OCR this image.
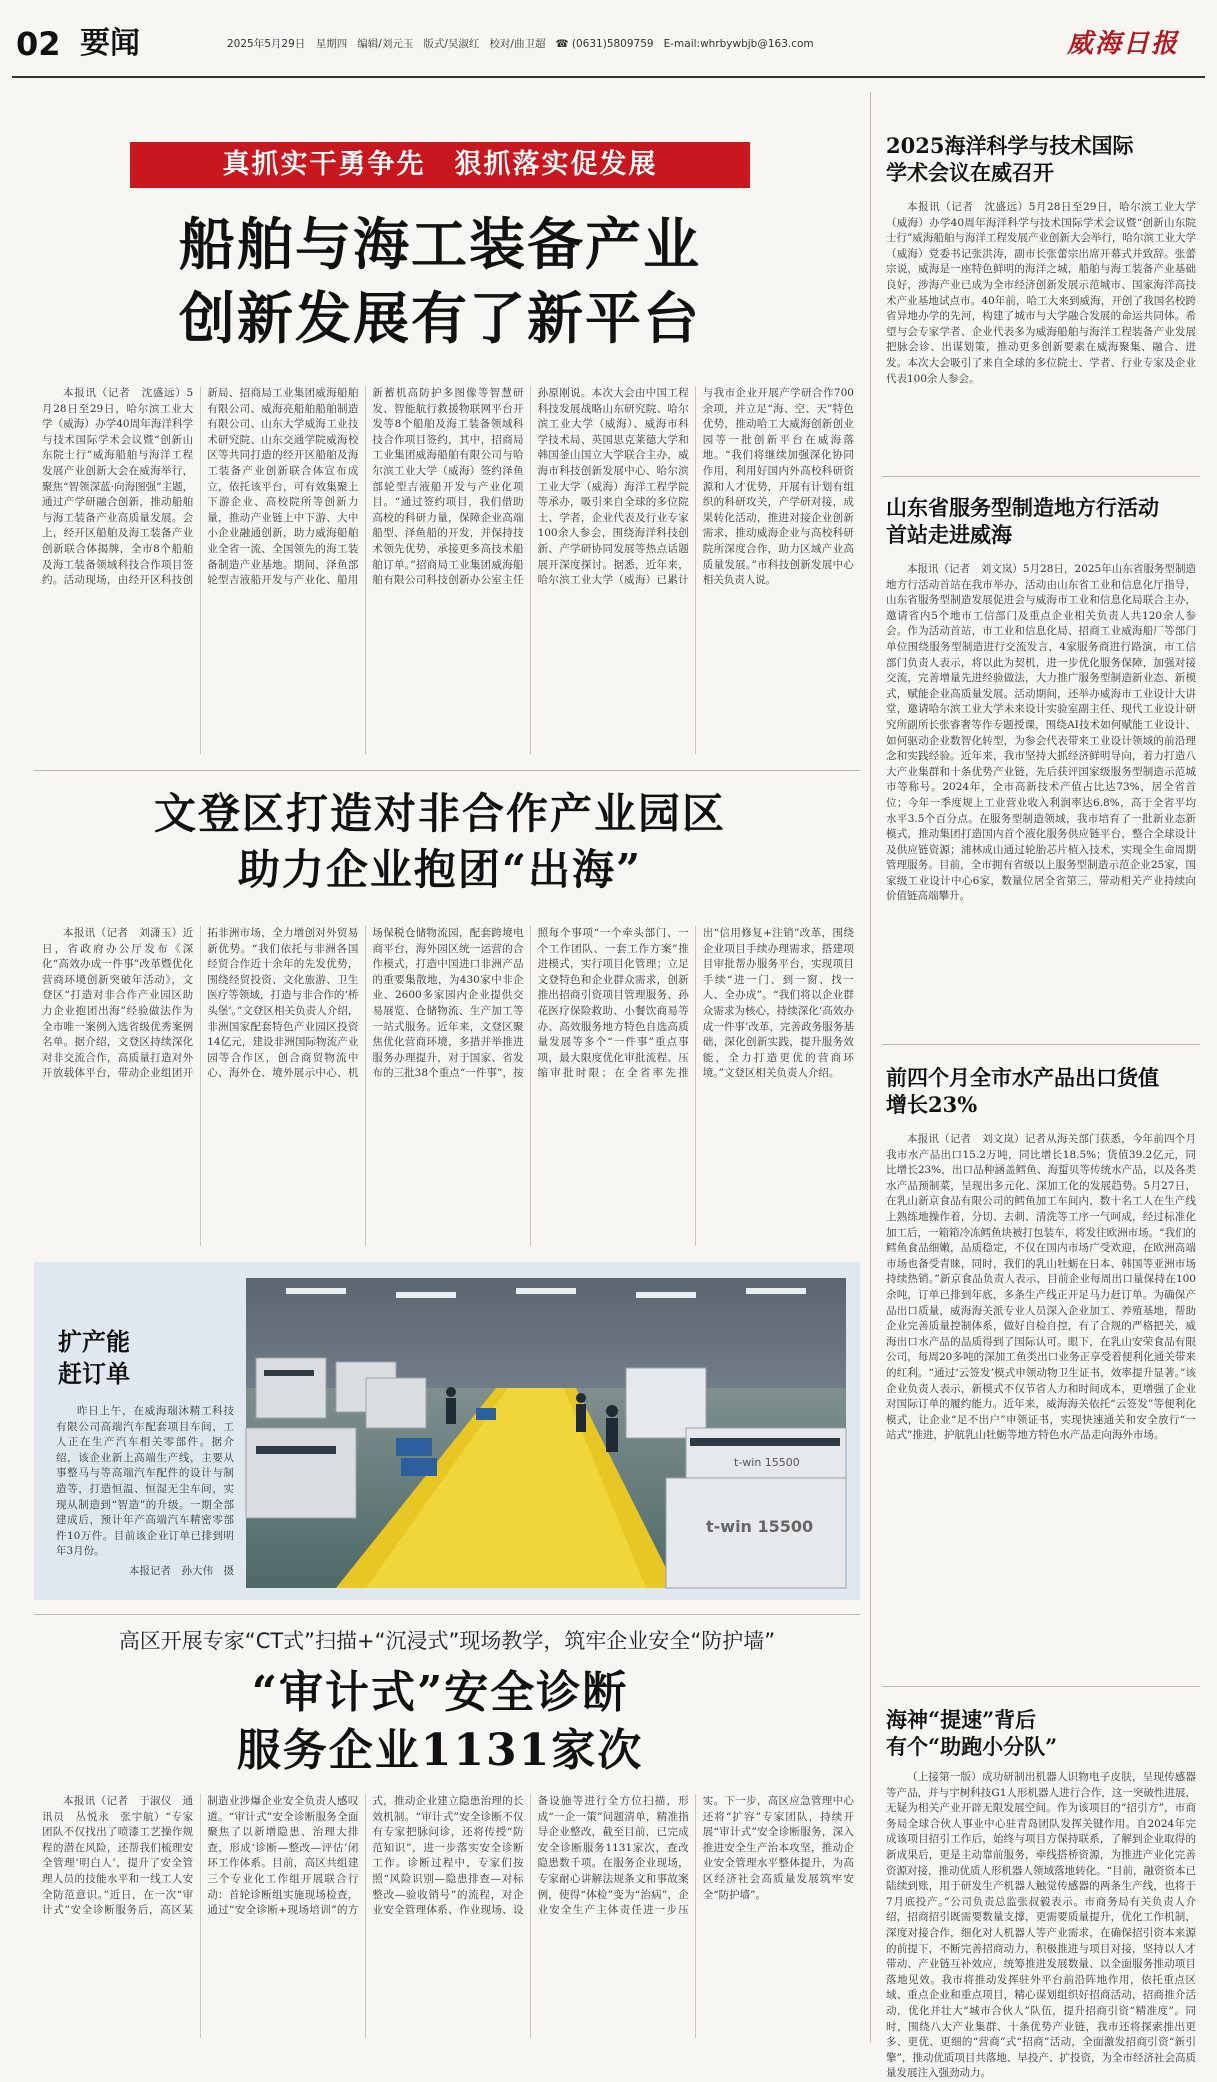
02 要闻	2025年5月29日　星期四 编辑/刘元玉 版式/吴淑红 校对/曲卫超 ☎ (0631)5809759 E-mail:whrbywbjb@163.com	威海日报
真抓实干勇争先　狠抓落实促发展
船舶与海工装备产业
创新发展有了新平台
本报讯（记者　沈盛远）5月28日至29日，哈尔滨工业大学（威海）办学40周年海洋科学与技术国际学术会议暨“创新山东院士行”威海船舶与海洋工程发展产业创新大会在威海举行，聚焦“智领深蓝·向海图强”主题，通过产学研融合创新，推动船舶与海工装备产业高质量发展。会上，经开区船舶及海工装备产业创新联合体揭牌，全市8个船舶及海工装备领域科技合作项目签约。活动现场，由经开区科技创新局、招商局工业集团威海船舶有限公司、威海亮船舶船舶制造有限公司、山东大学威海工业技术研究院、山东交通学院威海校区等共同打造的经开区船舶及海工装备产业创新联合体宣布成立，依托该平台，可有效集聚上下游企业、高校院所等创新力量，推动产业链上中下游、大中小企业融通创新，助力威海船舶业全省一流、全国领先的海工装备制造产业基地。期间，泽鱼部轮型吉液船开发与产业化、船用新蓄机高防护多图像等智慧研发、智能航行救援物联网平台开发等8个船舶及海工装备领域科技合作项目签约，其中，招商局工业集团威海船舶有限公司与哈尔滨工业大学（威海）签约泽鱼部轮型吉液船开发与产业化项目。“通过签约项目，我们借助高校的科研力量，保障企业高端船型、泽鱼船的开发，并保持技术领先优势，承接更多高技术船舶订单。”招商局工业集团威海船舶有限公司科技创新办公室主任孙原刚说。本次大会由中国工程科技发展战略山东研究院、哈尔滨工业大学（威海）、威海市科学技术局、英国思克莱德大学和韩国釜山国立大学联合主办，威海市科技创新发展中心、哈尔滨工业大学（威海）海洋工程学院等承办，吸引来自全球的多位院士、学者，企业代表及行业专家100余人参会，围绕海洋科技创新、产学研协同发展等热点话题展开深度探讨。据悉，近年来，哈尔滨工业大学（威海）已累计与我市企业开展产学研合作700余项，并立足“海、空、天”特色优势，推动哈工大威海创新创业园等一批创新平台在威海落地。“我们将继续加强深化协同作用，利用好国内外高校科研资源和人才优势，开展有计划有组织的科研攻关，产学研对接，成果转化活动，推进对接企业创新需求，推动威海企业与高校科研院所深度合作，助力区域产业高质量发展。”市科技创新发展中心相关负责人说。
文登区打造对非合作产业园区
助力企业抱团“出海”
本报讯（记者　刘潇玉）近日，省政府办公厅发布《深化“高效办成一件事”改革暨优化营商环境创新突破年活动》，文登区“打造对非合作产业园区助力企业抱团出海”经验做法作为全市唯一案例入选省级优秀案例名单。据介绍，文登区持续深化对非交流合作，高质量打造对外开放载体平台，带动企业组团开拓非洲市场，全力增创对外贸易新优势。“我们依托与非洲各国经贸合作近十余年的先发优势，围绕经贸投资、文化旅游、卫生医疗等领域，打造与非合作的‘桥头堡’。”文登区相关负责人介绍，非洲国家配套特色产业园区投资14亿元，建设非洲国际物流产业园等合作区，创合商贸物流中心、海外仓、境外展示中心、机场保税仓储物流园，配套跨境电商平台，海外园区统一运营的合作模式，打造中国进口非洲产品的重要集散地，为430家中非企业、2600多家园内企业提供交易展览、仓储物流、生产加工等一站式服务。近年来，文登区聚焦优化营商环境，多措并举推进服务办理提升，对于国家、省发布的三批38个重点“一件事”，按照每个事项“一个牵头部门、一个工作团队、一套工作方案”推进模式，实行项目化管理；立足文登特色和企业群众需求，创新推出招商引资项目管理服务、孙花医疗保险救助、小餐饮商易等办、高效服务地方特色自选高质量发展等多个“一件事”重点事项，最大限度优化审批流程、压缩审批时限；在全省率先推出“信用修复+注销”改革，围绕企业项目手续办理需求，搭建项目审批帮办服务平台，实现项目手续“进一门、到一窗、找一人、全办成”。“我们将以企业群众需求为核心，持续深化‘高效办成一件事’改革，完善政务服务基础，深化创新实践，提升服务效能，全力打造更优的营商环境。”文登区相关负责人介绍。
扩产能
赶订单
昨日上午，在威海瑞沐精工科技有限公司高端汽车配套项目车间，工人正在生产汽车相关零部件。据介绍，该企业新上高端生产线，主要从事整马与等高端汽车配件的设计与制造等，打造恒温、恒湿无尘车间，实现从制造到“智造”的升级。一期全部建成后，预计年产高端汽车精密零部件10万件。目前该企业订单已排到明年3月份。
本报记者　孙大伟　摄
t-win 15500
t-win 15500
高区开展专家“CT式”扫描+“沉浸式”现场教学，筑牢企业安全“防护墙”
“审计式”安全诊断
服务企业1131家次
本报讯（记者　于淑仪　通讯员　丛悦永　张宇航）“专家团队不仅找出了喷漆工艺操作规程的潜在风险，还帮我们梳理安全管理‘明白人’，提升了安全管理人员的技能水平和一线工人安全防范意识。”近日，在一次“审计式”安全诊断服务后，高区某制造业涉爆企业安全负责人感叹道。“审计式”安全诊断服务全面聚焦了以新增隐患、治理大排查，形成‘诊断—整改—评估’闭环工作体系。目前，高区共组建三个专业化工作组开展联合行动：首轮诊断组实施现场检查，通过“安全诊断+现场培训”的方式，推动企业建立隐患治理的长效机制。“审计式”安全诊断不仅有专家把脉问诊，还将传授“防范知识”，进一步落实安全诊断工作。诊断过程中，专家们按照“风险识别—隐患排查—对标整改—验收销号”的流程，对企业安全管理体系、作业现场、设备设施等进行全方位扫描，形成“一企一策”问题清单，精准指导企业整改，截至目前，已完成安全诊断服务1131家次，查改隐患数千项。在服务企业现场，专家耐心讲解法规条文和事故案例，使得“体检”变为“治病”，企业安全生产主体责任进一步压实。下一步，高区应急管理中心还将“扩容”专家团队，持续开展“审计式”安全诊断服务，深入推进安全生产治本攻坚，推动企业安全管理水平整体提升，为高区经济社会高质量发展筑牢安全“防护墙”。
2025海洋科学与技术国际
学术会议在威召开
本报讯（记者　沈盛远）5月28日至29日，哈尔滨工业大学（威海）办学40周年海洋科学与技术国际学术会议暨“创新山东院士行”威海船舶与海洋工程发展产业创新大会举行，哈尔滨工业大学（威海）党委书记张洪涛，副市长张蕾宗出席开幕式并致辞。张蕾宗说，威海是一座特色鲜明的海洋之城，船舶与海工装备产业基础良好，涉海产业已成为全市经济创新发展示范城市、国家海洋高技术产业基地试点市。40年前，哈工大来到威海，开创了我国名校跨省异地办学的先河，构建了城市与大学融合发展的命运共同体。希望与会专家学者、企业代表多为威海船舶与海洋工程装备产业发展把脉会诊、出谋划策，推动更多创新要素在威海聚集、融合、迸发。本次大会吸引了来自全球的多位院士、学者、行业专家及企业代表100余人参会。
山东省服务型制造地方行活动
首站走进威海
本报讯（记者　刘文岚）5月28日，2025年山东省服务型制造地方行活动首站在我市举办，活动由山东省工业和信息化厅指导，山东省服务型制造发展促进会与威海市工业和信息化局联合主办，邀请省内5个地市工信部门及重点企业相关负责人共120余人参会。作为活动首站，市工业和信息化局、招商工业威海船厂等部门单位围绕服务型制造进行交流发言，4家服务商进行路演，市工信部门负责人表示，将以此为契机，进一步优化服务保障，加强对接交流，完善增量先进经验做法，大力推广服务型制造新业态、新模式，赋能企业高质量发展。活动期间，还举办威海市工业设计大讲堂，邀请哈尔滨工业大学未来设计实验室副主任、现代工业设计研究所副所长张睿奢等作专题授课，围绕AI技术如何赋能工业设计、如何驱动企业数智化转型，为参会代表带来工业设计领域的前沿理念和实践经验。近年来，我市坚持大抓经济鲜明导向，着力打造八大产业集群和十条优势产业链，先后获评国家级服务型制造示范城市等称号。2024年，全市高新技术产值占比达73%，居全省首位；今年一季度规上工业营业收入利润率达6.8%，高于全省平均水平3.5个百分点。在服务型制造领域，我市培育了一批新业态新模式，推动集团打造国内首个液化服务供应链平台，整合全球设计及供应链资源；浦林成山通过轮胎芯片植入技术，实现全生命周期管理服务。目前，全市拥有省级以上服务型制造示范企业25家，国家级工业设计中心6家，数量位居全省第三，带动相关产业持续向价值链高端攀升。
前四个月全市水产品出口货值
增长23%
本报讯（记者　刘文岚）记者从海关部门获悉，今年前四个月我市水产品出口15.2万吨，同比增长18.5%；货值39.2亿元，同比增长23%，出口品种涵盖鳕鱼、海蜇贝等传统水产品，以及各类水产品预制菜，呈现出多元化、深加工化的发展趋势。5月27日，在乳山新京食品有限公司的鳕鱼加工车间内，数十名工人在生产线上熟练地操作着，分切、去刺、清洗等工序一气呵成，经过标准化加工后，一箱箱冷冻鳕鱼块被打包装车，将发往欧洲市场。“我们的鳕鱼食品细嫩，品质稳定，不仅在国内市场广受欢迎，在欧洲高端市场也备受青睐，同时，我们的乳山牡蛎在日本、韩国等亚洲市场持续热销。”新京食品负责人表示，目前企业每周出口量保持在100余吨，订单已排到年底，多条生产线正开足马力赶订单。为确保产品出口质量，威海海关派专业人员深入企业加工、养殖基地，帮助企业完善质量控制体系，做好自检自控，有了合规的严格把关，威海出口水产品的品质得到了国际认可。眼下，在乳山安荣食品有限公司，每周20多吨的深加工鱼类出口业务正享受着便利化通关带来的红利。“通过‘云签发’模式申领动物卫生证书，效率提升显著。”该企业负责人表示，新模式不仅节省人力和时间成本，更增强了企业对国际订单的履约能力。近年来，威海海关依托“云签发”等便利化模式，让企业“足不出户”申领证书，实现快速通关和安全放行“一站式”推进，护航乳山牡蛎等地方特色水产品走向海外市场。
海神“提速”背后
有个“助跑小分队”
（上接第一版）成功研制出机器人识物电子皮肤，呈现传感器等产品，并与宇树科技G1人形机器人进行合作，这一突破性进展，无疑为相关产业开辟无限发展空间。作为该项目的“招引方”，市商务局全球合伙人事业中心驻青岛团队发挥关键作用。自2024年完成该项目招引工作后，始终与项目方保持联系，了解到企业取得的新成果后，更是主动靠前服务，牵线搭桥资源，为推进产业化完善资源对接，推动优质人形机器人领域落地转化。“目前，融资资本已陆续到账，用于研发生产机器人触觉传感器的两条生产线，也将于7月底投产。”公司负责总监张叔毅表示。市商务局有关负责人介绍，招商招引既需要数量支撑，更需要质量提升，优化工作机制，深度对接合作，细化对人机器人等产业需求，在确保招引资本来源的前提下，不断完善招商动力，积极推进与项目对接，坚持以人才带动、产业链互补效应，统筹推进发展数量、以全面服务推动项目落地见效。我市将推动发挥驻外平台前沿阵地作用，依托重点区域、重点企业和重点项目，精心谋划组织好招商活动，招商推介活动，优化并壮大“城市合伙人”队伍，提升招商引资“精准度”。同时，围绕八大产业集群、十条优势产业链，我市还将探索推出更多、更优、更细的“营商”式“招商”活动，全面激发招商引资“新引擎”，推动优质项目共落地、早投产、扩投资，为全市经济社会高质量发展注入强劲动力。
